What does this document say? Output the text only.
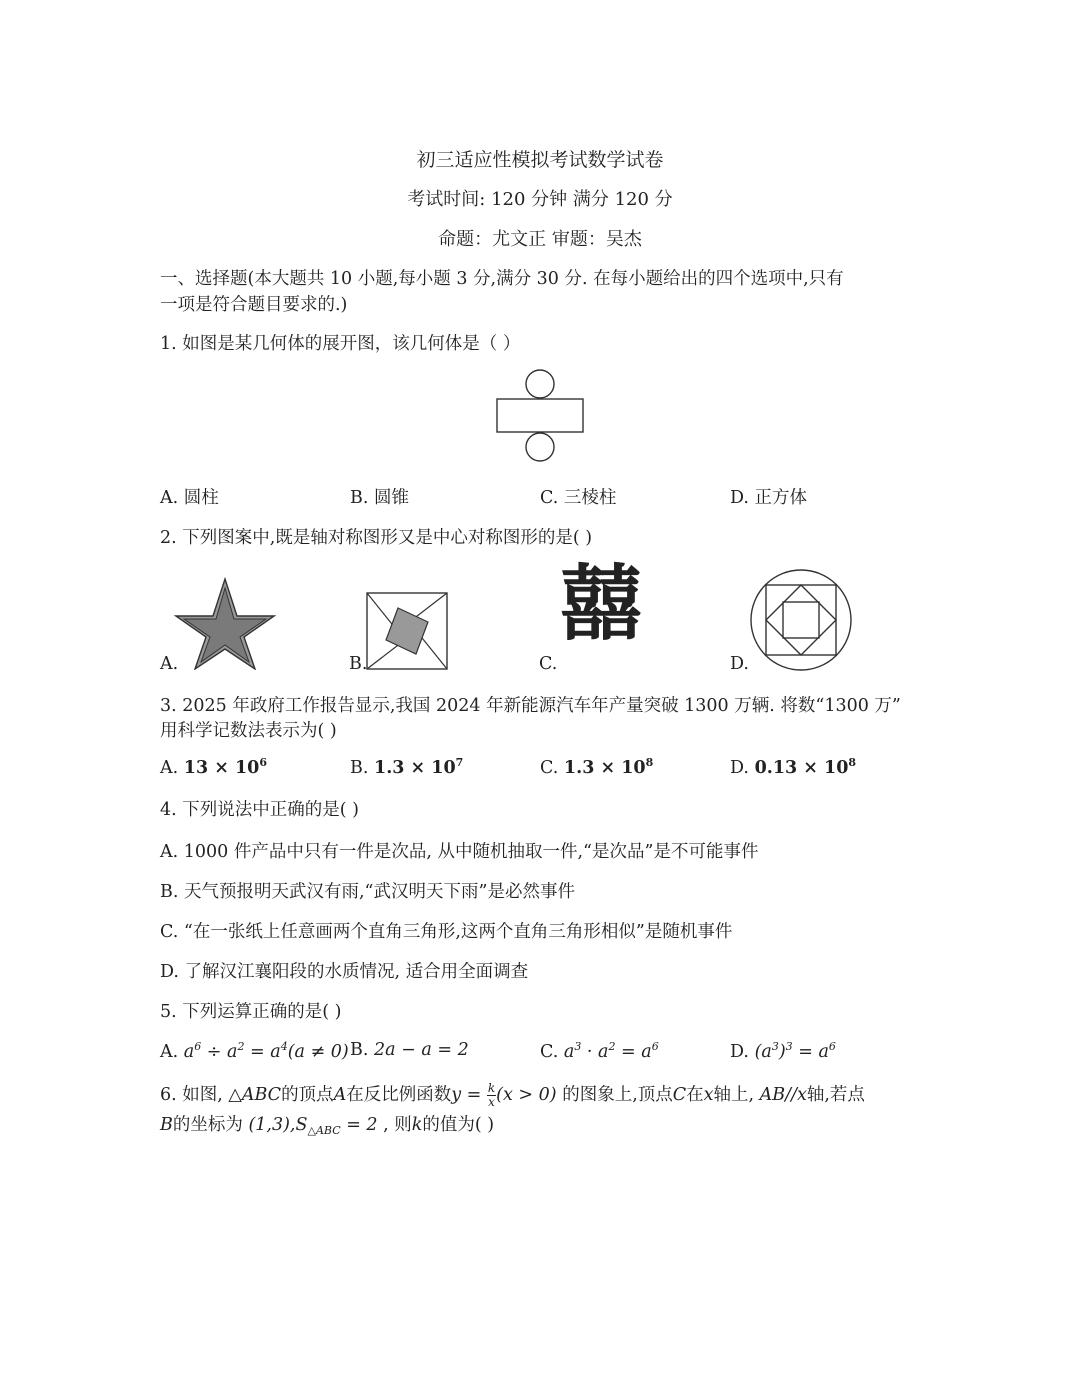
初三适应性模拟考试数学试卷
考试时间: 120 分钟 满分 120 分
命题：尤文正 审题：吴杰
一、选择题(本大题共 10 小题,每小题 3 分,满分 30 分. 在每小题给出的四个选项中,只有
一项是符合题目要求的.)
1. 如图是某几何体的展开图，该几何体是（ ）
A. 圆柱	B. 圆锥	C. 三棱柱	D. 正方体
2. 下列图案中,既是轴对称图形又是中心对称图形的是( )
A.	B.	C.
囍
D.
3. 2025 年政府工作报告显示,我国 2024 年新能源汽车年产量突破 1300 万辆. 将数“1300 万”
用科学记数法表示为( )
A. $13 \times 10^6$	B. $1.3 \times 10^7$	C. $1.3 \times 10^8$	D. $0.13 \times 10^8$
4. 下列说法中正确的是( )
A. 1000 件产品中只有一件是次品, 从中随机抽取一件,“是次品”是不可能事件
B. 天气预报明天武汉有雨,“武汉明天下雨”是必然事件
C. “在一张纸上任意画两个直角三角形,这两个直角三角形相似”是随机事件
D. 了解汉江襄阳段的水质情况, 适合用全面调查
5. 下列运算正确的是( )
A. $a^6 \div a^2 = a^4(a \ne 0)$ B. 2a − a = 2	C. $a^3 \cdot a^2 = a^6$	D. $(a^3)^3 = a^6$
6. 如图, △ABC的顶点A在反比例函数$y = \frac{k}{x} (x > 0)$ 的图象上,顶点C在x轴上, AB//x轴,若点
B的坐标为 $(1,3),S_{\triangle ABC} = 2$ , 则k的值为( )
